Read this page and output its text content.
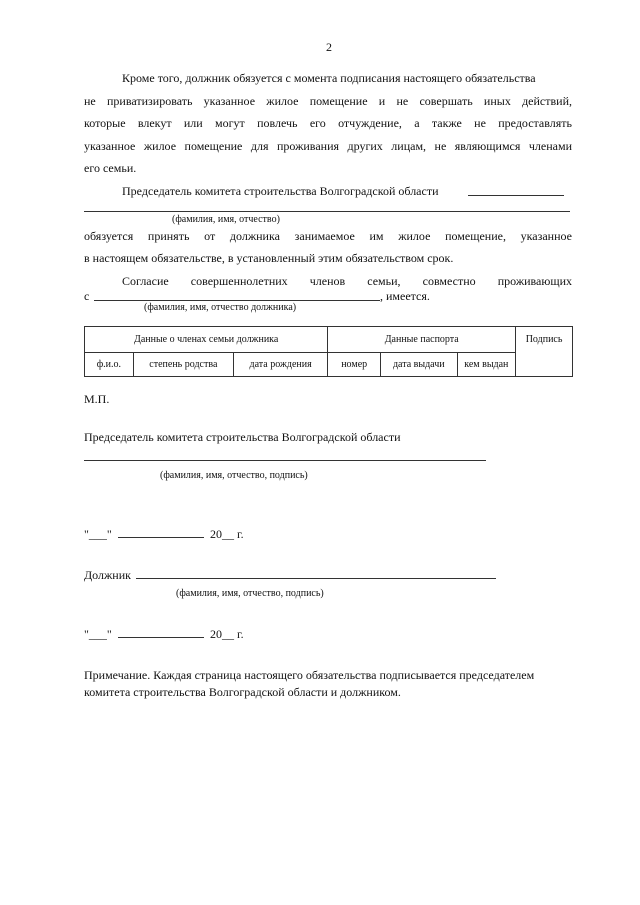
2
Кроме того, должник обязуется с момента подписания настоящего обязательства
не приватизировать указанное жилое помещение и не совершать иных действий,
которые влекут или могут повлечь его отчуждение, а также не предоставлять
указанное жилое помещение для проживания других лицам, не являющимся членами
его семьи.
Председатель комитета строительства Волгоградской области
(фамилия, имя, отчество)
обязуется принять от должника занимаемое им жилое помещение, указанное
в настоящем обязательстве, в установленный этим обязательством срок.
Согласие совершеннолетних членов семьи, совместно проживающих
с	, имеется.
(фамилия, имя, отчество должника)
Данные о членах семьи должника			Данные паспорта			Подпись
ф.и.о.	степень родства	дата рождения	номер	дата выдачи	кем выдан	
М.П.
Председатель комитета строительства Волгоградской области
(фамилия, имя, отчество, подпись)
"___"	20__ г.
Должник
(фамилия, имя, отчество, подпись)
"___"	20__ г.
Примечание. Каждая страница настоящего обязательства подписывается председателем
комитета строительства Волгоградской области и должником.
